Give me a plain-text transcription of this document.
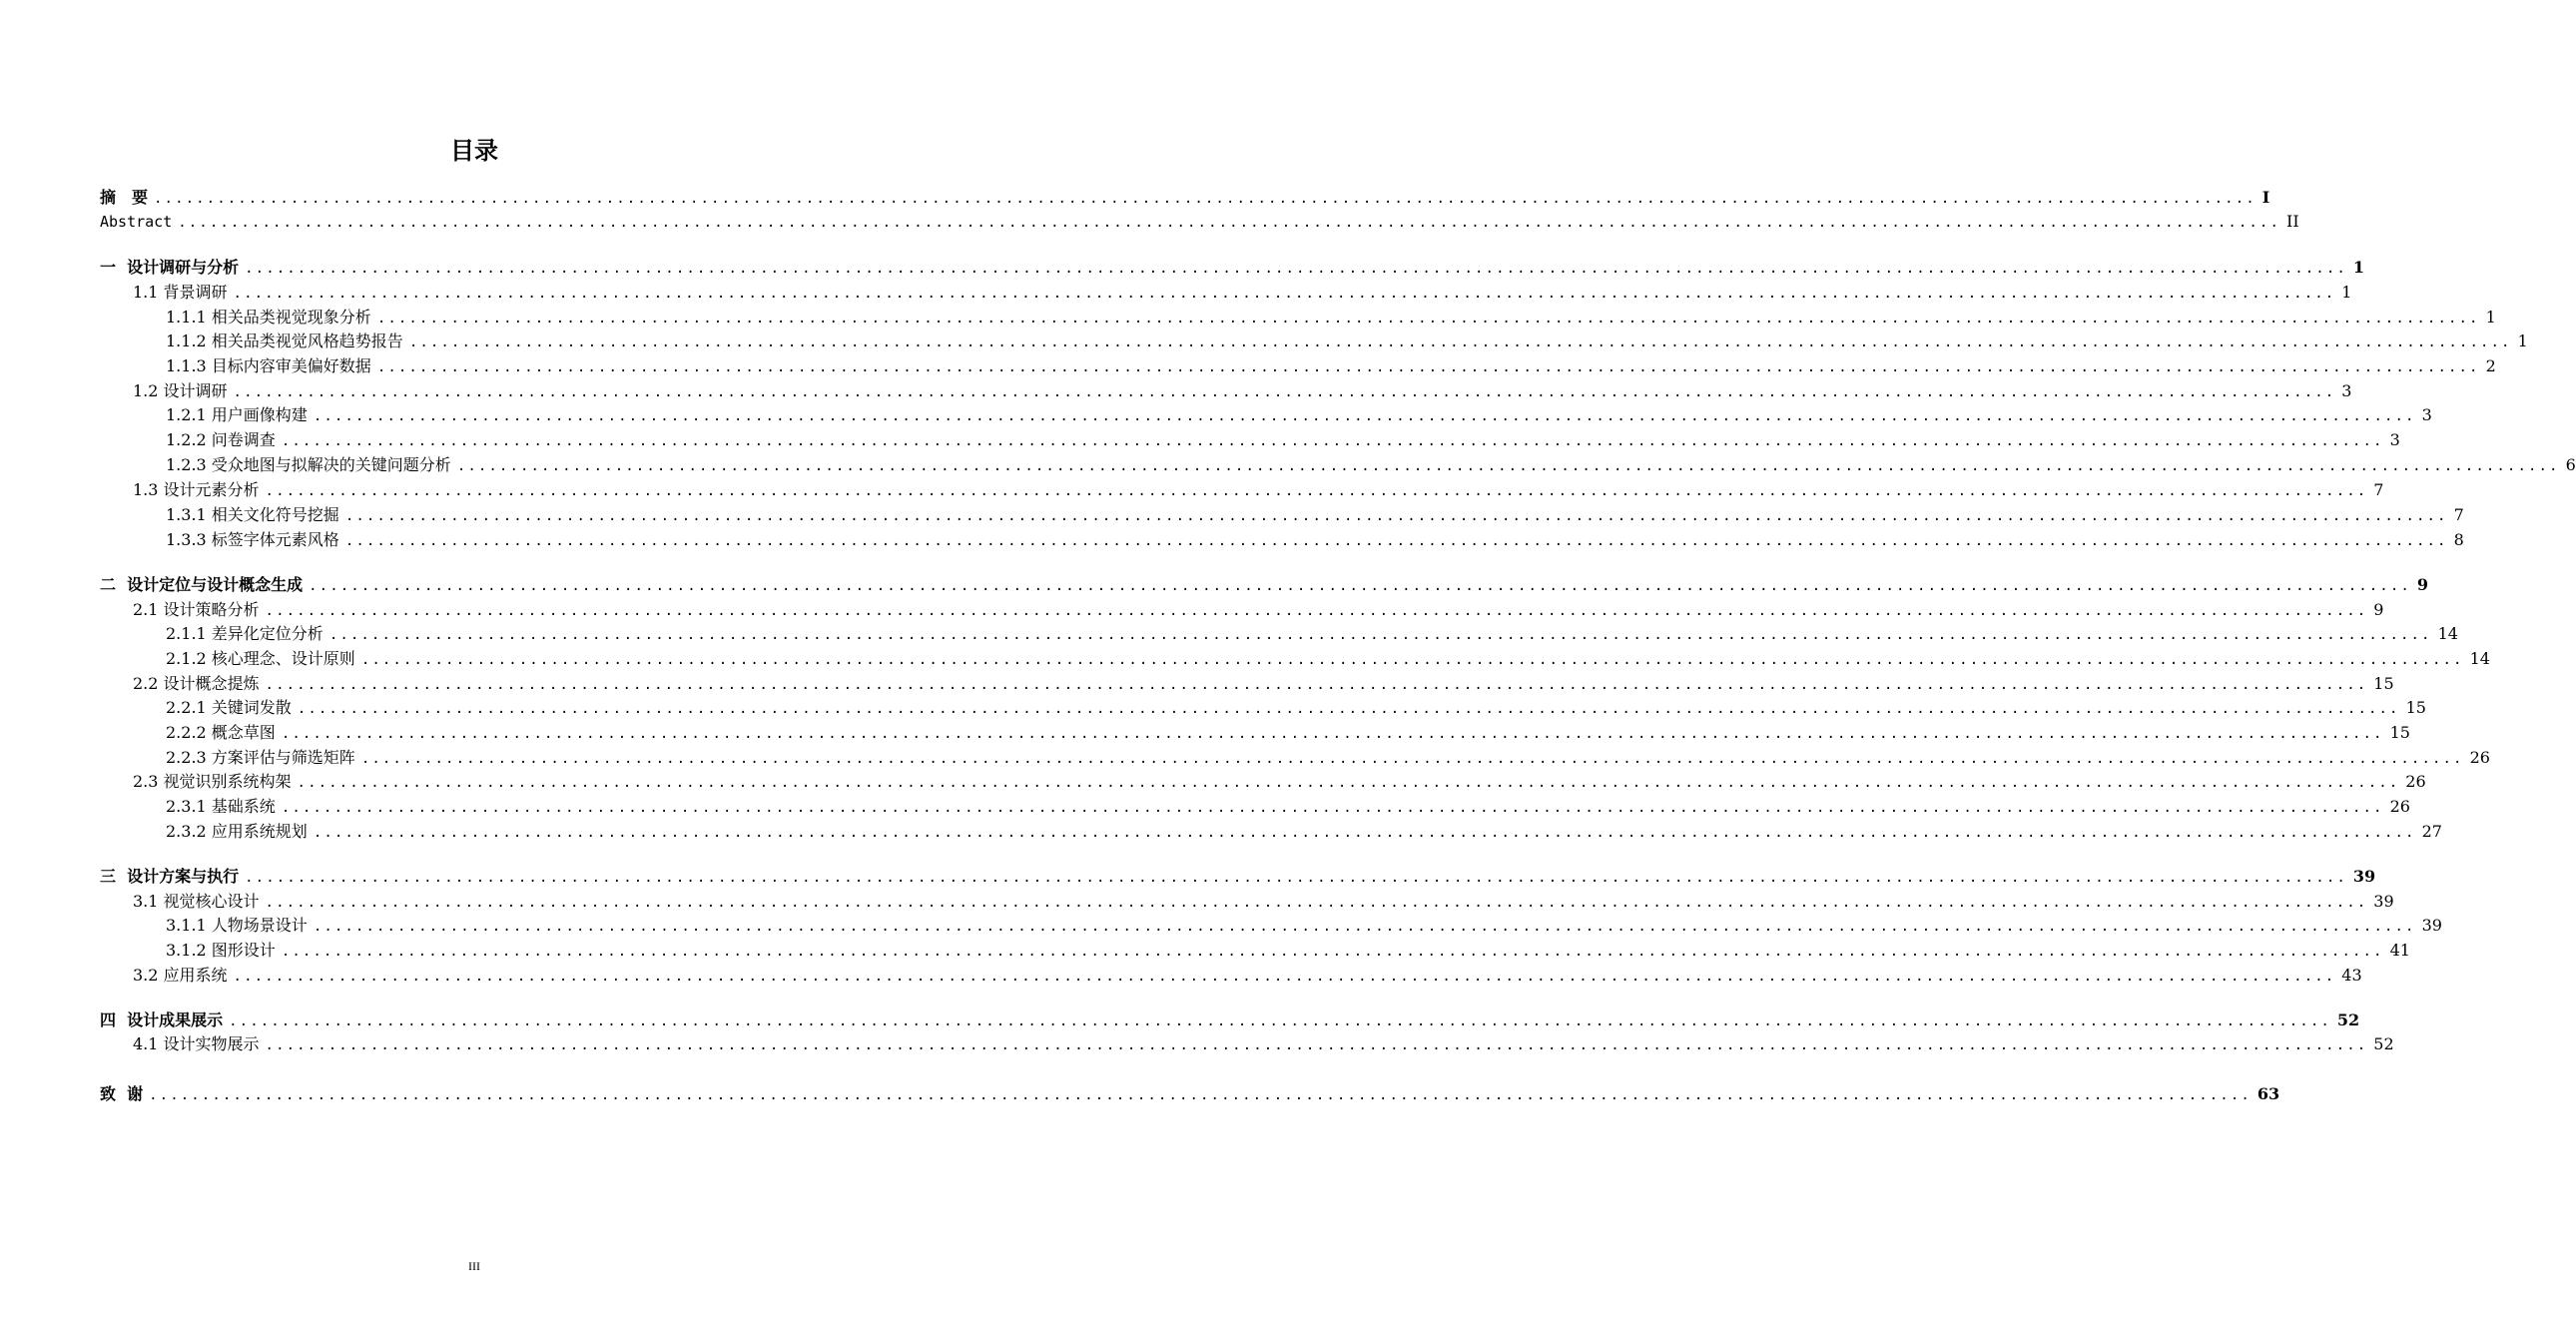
目录
摘　要 ........................................................................................................................................................................................................ I
Abstract ........................................................................................................................................................................................................ II
一  设计调研与分析 ........................................................................................................................................................................................................ 1
1.1 背景调研 ........................................................................................................................................................................................................ 1
1.1.1 相关品类视觉现象分析 ........................................................................................................................................................................................................ 1
1.1.2 相关品类视觉风格趋势报告 ........................................................................................................................................................................................................ 1
1.1.3 目标内容审美偏好数据 ........................................................................................................................................................................................................ 2
1.2 设计调研 ........................................................................................................................................................................................................ 3
1.2.1 用户画像构建 ........................................................................................................................................................................................................ 3
1.2.2 问卷调查 ........................................................................................................................................................................................................ 3
1.2.3 受众地图与拟解决的关键问题分析 ........................................................................................................................................................................................................ 6
1.3 设计元素分析 ........................................................................................................................................................................................................ 7
1.3.1 相关文化符号挖掘 ........................................................................................................................................................................................................ 7
1.3.3 标签字体元素风格 ........................................................................................................................................................................................................ 8
二  设计定位与设计概念生成 ........................................................................................................................................................................................................ 9
2.1 设计策略分析 ........................................................................................................................................................................................................ 9
2.1.1 差异化定位分析 ........................................................................................................................................................................................................ 14
2.1.2 核心理念、设计原则 ........................................................................................................................................................................................................ 14
2.2 设计概念提炼 ........................................................................................................................................................................................................ 15
2.2.1 关键词发散 ........................................................................................................................................................................................................ 15
2.2.2 概念草图 ........................................................................................................................................................................................................ 15
2.2.3 方案评估与筛选矩阵 ........................................................................................................................................................................................................ 26
2.3 视觉识别系统构架 ........................................................................................................................................................................................................ 26
2.3.1 基础系统 ........................................................................................................................................................................................................ 26
2.3.2 应用系统规划 ........................................................................................................................................................................................................ 27
三  设计方案与执行 ........................................................................................................................................................................................................ 39
3.1 视觉核心设计 ........................................................................................................................................................................................................ 39
3.1.1 人物场景设计 ........................................................................................................................................................................................................ 39
3.1.2 图形设计 ........................................................................................................................................................................................................ 41
3.2 应用系统 ........................................................................................................................................................................................................ 43
四  设计成果展示 ........................................................................................................................................................................................................ 52
4.1 设计实物展示 ........................................................................................................................................................................................................ 52
致  谢 ........................................................................................................................................................................................................ 63
III
